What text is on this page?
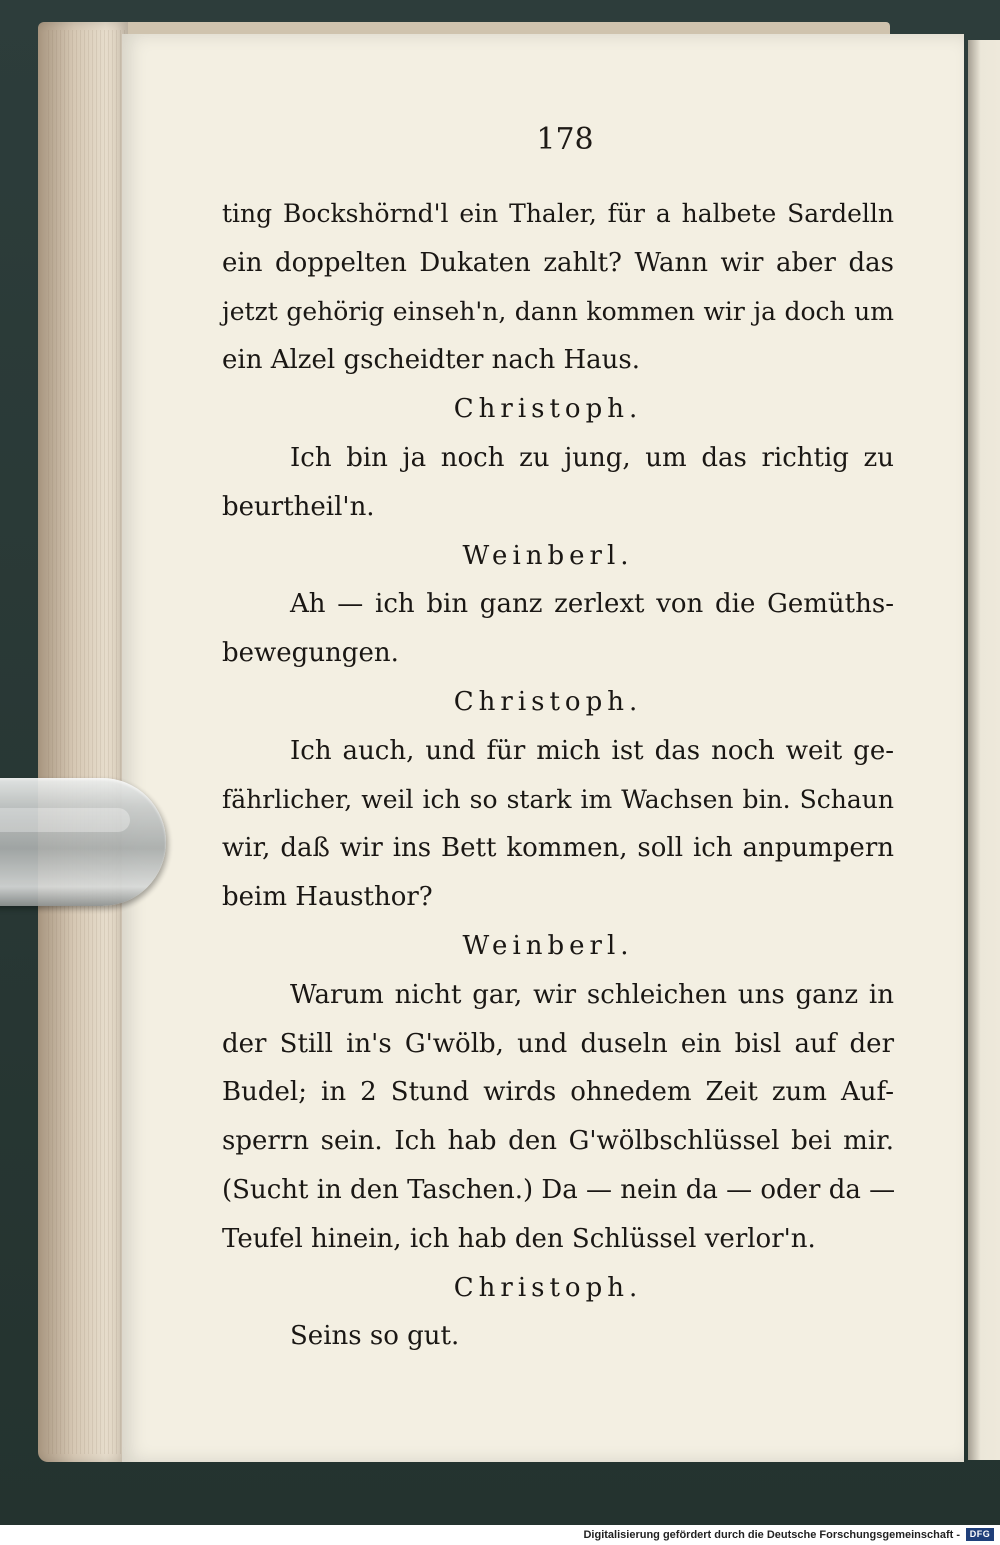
178
ting Bockshörnd'l ein Thaler, für a halbete Sardelln
ein doppelten Dukaten zahlt? Wann wir aber das
jetzt gehörig einseh'n, dann kommen wir ja doch um
ein Alzel gscheidter nach Haus.
Christoph.
Ich bin ja noch zu jung, um das richtig zu
beurtheil'n.
Weinberl.
Ah — ich bin ganz zerlext von die Gemüths-
bewegungen.
Christoph.
Ich auch, und für mich ist das noch weit ge-
fährlicher, weil ich so stark im Wachsen bin. Schaun
wir, daß wir ins Bett kommen, soll ich anpumpern
beim Hausthor?
Weinberl.
Warum nicht gar, wir schleichen uns ganz in
der Still in's G'wölb, und duseln ein bisl auf der
Budel; in 2 Stund wirds ohnedem Zeit zum Auf-
sperrn sein. Ich hab den G'wölbschlüssel bei mir.
(Sucht in den Taschen.) Da — nein da — oder da —
Teufel hinein, ich hab den Schlüssel verlor'n.
Christoph.
Seins so gut.
Digitalisierung gefördert durch die Deutsche Forschungsgemeinschaft -	DFG
